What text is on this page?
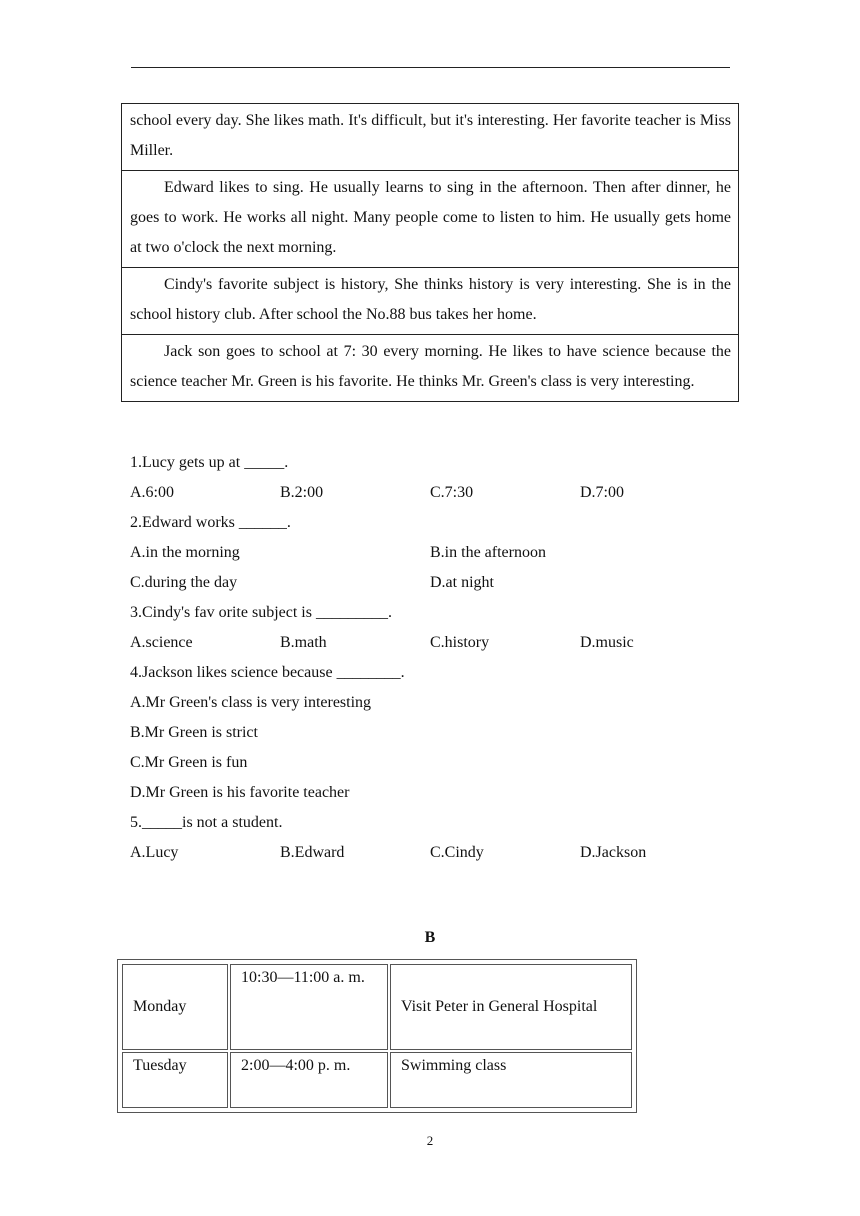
school every day. She likes math. It's difficult, but it's interesting. Her favorite teacher is Miss Miller.
Edward likes to sing. He usually learns to sing in the afternoon. Then after dinner, he goes to work. He works all night. Many people come to listen to him. He usually gets home at two o'clock the next morning.
Cindy's favorite subject is history, She thinks history is very interesting. She is in the school history club. After school the No.88 bus takes her home.
Jack son goes to school at 7: 30 every morning. He likes to have science because the science teacher Mr. Green is his favorite. He thinks Mr. Green's class is very interesting.
1.Lucy gets up at _____.
A.6:00	B.2:00	C.7:30	D.7:00
2.Edward works ______.
A.in the morning	B.in the afternoon
C.during the day	D.at night
3.Cindy's fav orite subject is _________.
A.science	B.math	C.history	D.music
4.Jackson likes science because ________.
A.Mr Green's class is very interesting
B.Mr Green is strict
C.Mr Green is fun
D.Mr Green is his favorite teacher
5._____is not a student.
A.Lucy	B.Edward	C.Cindy	D.Jackson
B
Monday	10:30—11:00 a. m.	Visit Peter in General Hospital
Tuesday	2:00—4:00 p. m.	Swimming class
2
